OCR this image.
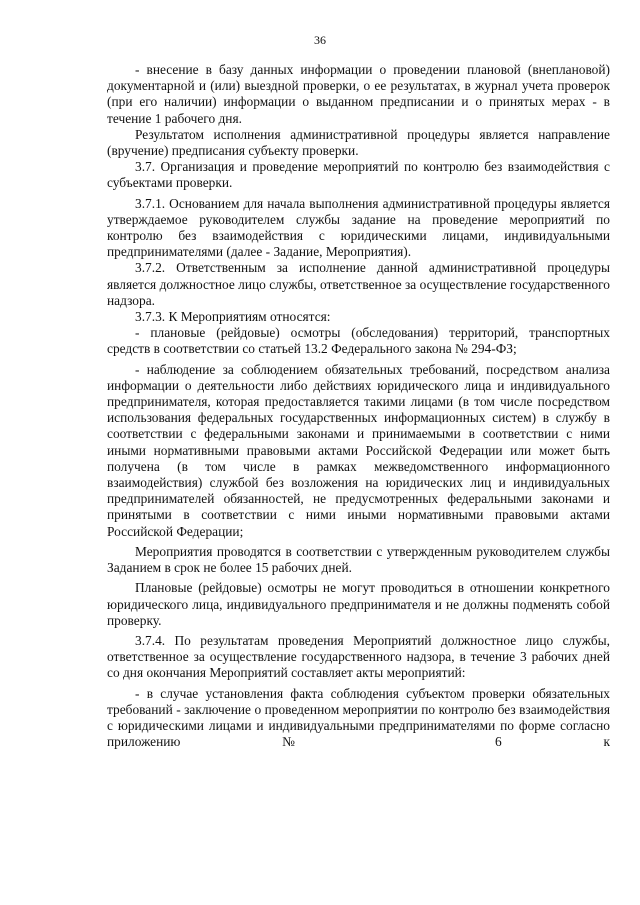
36

- внесение в базу данных информации о проведении плановой (внеплановой) документарной и (или) выездной проверки, о ее результатах, в журнал учета проверок (при его наличии) информации о выданном предписании и о принятых мерах - в течение 1 рабочего дня.

Результатом исполнения административной процедуры является направление (вручение) предписания субъекту проверки.

3.7. Организация и проведение мероприятий по контролю без взаимодействия с субъектами проверки.

3.7.1. Основанием для начала выполнения административной процедуры является утверждаемое руководителем службы задание на проведение мероприятий по контролю без взаимодействия с юридическими лицами, индивидуальными предпринимателями (далее - Задание, Мероприятия).

3.7.2. Ответственным за исполнение данной административной процедуры является должностное лицо службы, ответственное за осуществление государственного надзора.

3.7.3. К Мероприятиям относятся:

- плановые (рейдовые) осмотры (обследования) территорий, транспортных средств в соответствии со статьей 13.2 Федерального закона № 294-ФЗ;

- наблюдение за соблюдением обязательных требований, посредством анализа информации о деятельности либо действиях юридического лица и индивидуального предпринимателя, которая предоставляется такими лицами (в том числе посредством использования федеральных государственных информационных систем) в службу в соответствии с федеральными законами и принимаемыми в соответствии с ними иными нормативными правовыми актами Российской Федерации или может быть получена (в том числе в рамках межведомственного информационного взаимодействия) службой без возложения на юридических лиц и индивидуальных предпринимателей обязанностей, не предусмотренных федеральными законами и принятыми в соответствии с ними иными нормативными правовыми актами Российской Федерации;

Мероприятия проводятся в соответствии с утвержденным руководителем службы Заданием в срок не более 15 рабочих дней.

Плановые (рейдовые) осмотры не могут проводиться в отношении конкретного юридического лица, индивидуального предпринимателя и не должны подменять собой проверку.

3.7.4. По результатам проведения Мероприятий должностное лицо службы, ответственное за осуществление государственного надзора, в течение 3 рабочих дней со дня окончания Мероприятий составляет акты мероприятий:

- в случае установления факта соблюдения субъектом проверки обязательных требований - заключение о проведенном мероприятии по контролю без взаимодействия с юридическими лицами и индивидуальными предпринимателями по форме согласно приложению № 6 к
